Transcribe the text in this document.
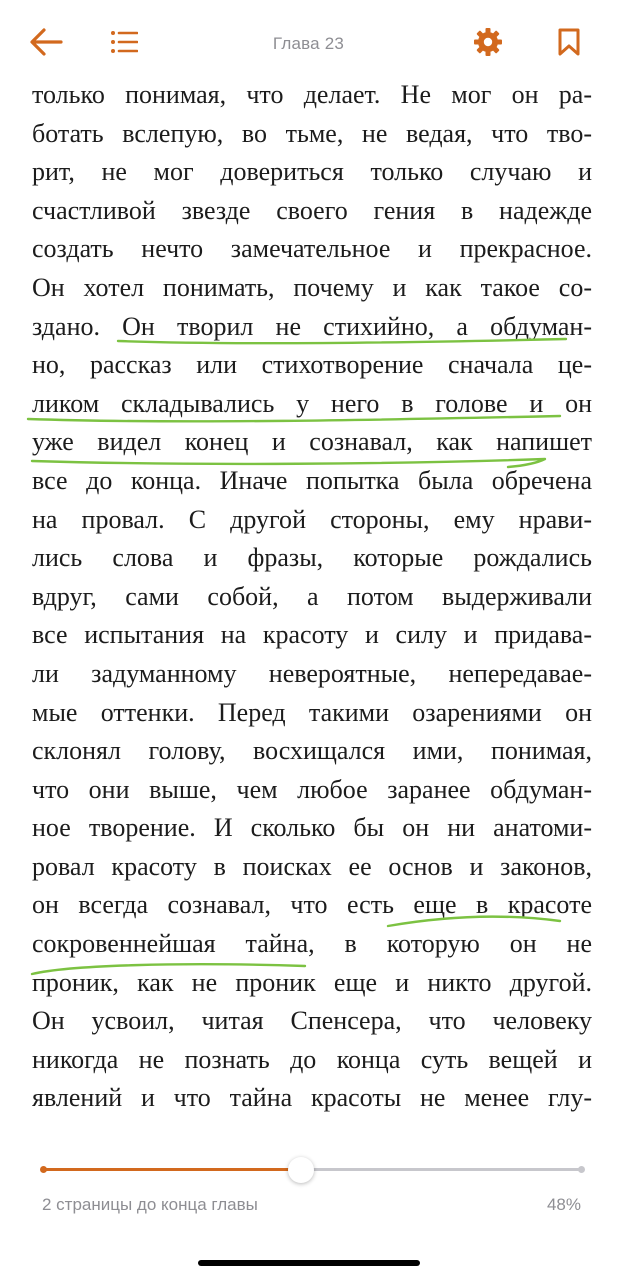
Глава 23
только понимая, что делает. Не мог он ра-
ботать вслепую, во тьме, не ведая, что тво-
рит, не мог довериться только случаю и
счастливой звезде своего гения в надежде
создать нечто замечательное и прекрасное.
Он хотел понимать, почему и как такое со-
здано. Он творил не стихийно, а обдуман-
но, рассказ или стихотворение сначала це-
ликом складывались у него в голове и он
уже видел конец и сознавал, как напишет
все до конца. Иначе попытка была обречена
на провал. С другой стороны, ему нрави-
лись слова и фразы, которые рождались
вдруг, сами собой, а потом выдерживали
все испытания на красоту и силу и придава-
ли задуманному невероятные, непередавае-
мые оттенки. Перед такими озарениями он
склонял голову, восхищался ими, понимая,
что они выше, чем любое заранее обдуман-
ное творение. И сколько бы он ни анатоми-
ровал красоту в поисках ее основ и законов,
он всегда сознавал, что есть еще в красоте
сокровеннейшая тайна, в которую он не
проник, как не проник еще и никто другой.
Он усвоил, читая Спенсера, что человеку
никогда не познать до конца суть вещей и
явлений и что тайна красоты не менее глу-
2 страницы до конца главы	48%
